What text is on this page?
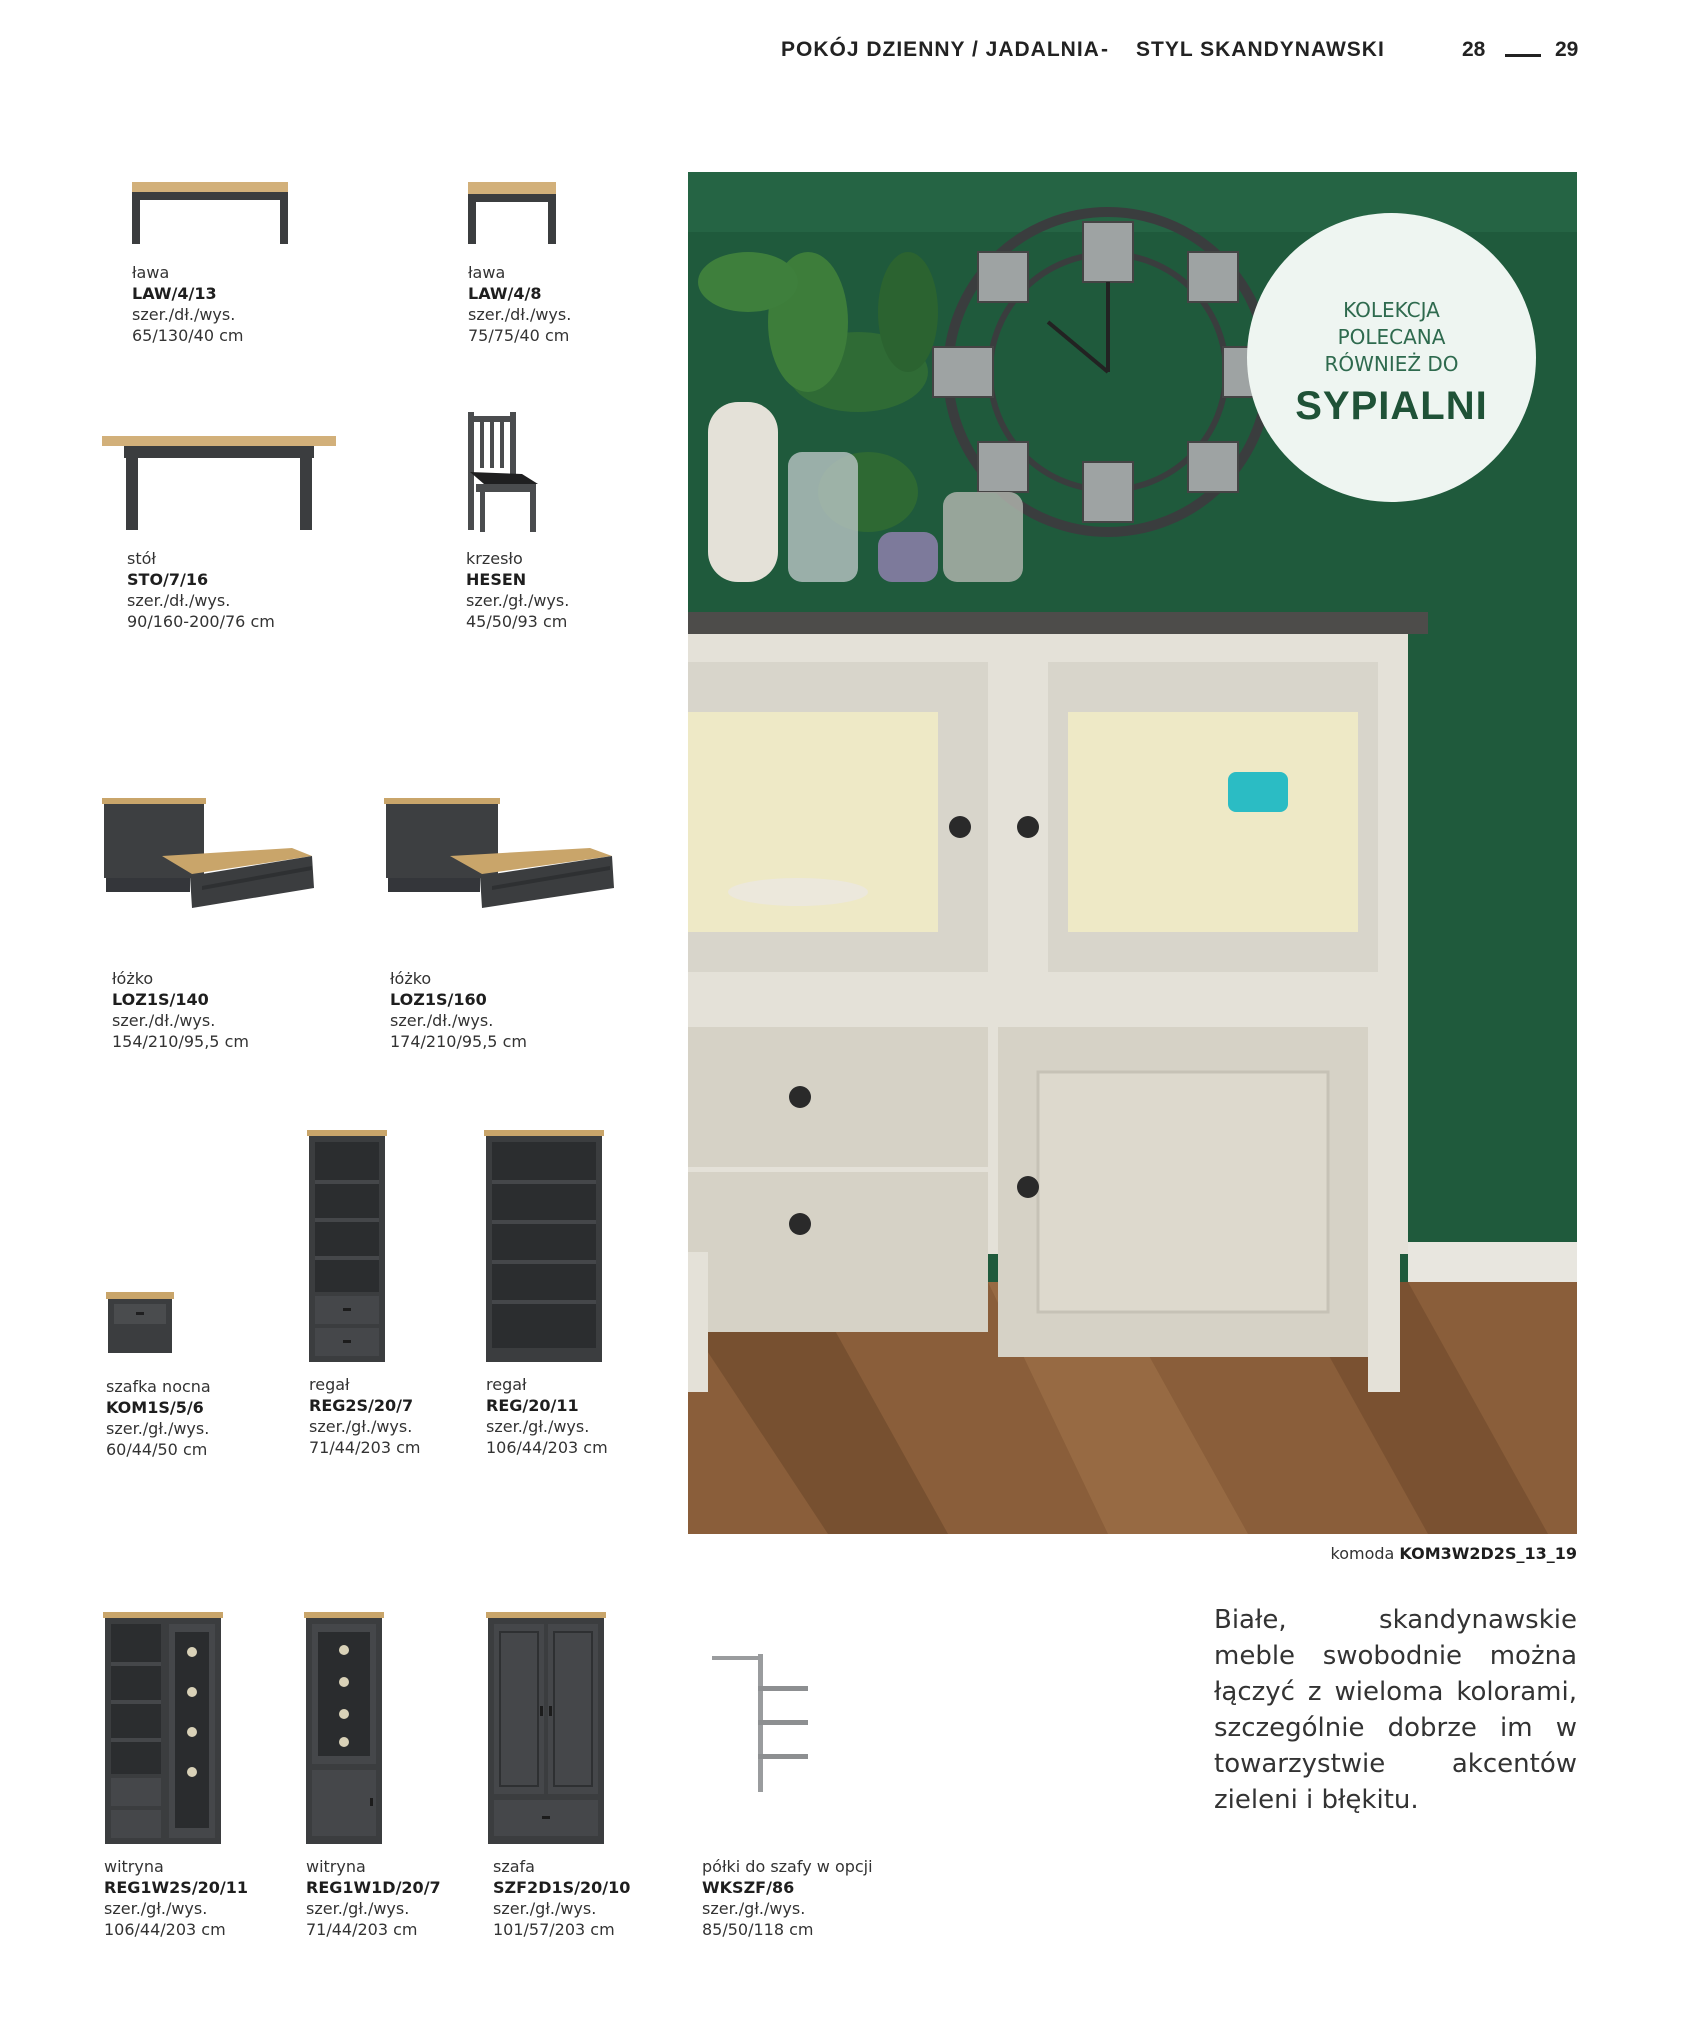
POKÓJ DZIENNY / JADALNIA - STYL SKANDYNAWSKI	28	29
ława
LAW/4/13
szer./dł./wys.
65/130/40 cm
ława
LAW/4/8
szer./dł./wys.
75/75/40 cm
stół
STO/7/16
szer./dł./wys.
90/160-200/76 cm
krzesło
HESEN
szer./gł./wys.
45/50/93 cm
łóżko
LOZ1S/140
szer./dł./wys.
154/210/95,5 cm
łóżko
LOZ1S/160
szer./dł./wys.
174/210/95,5 cm
szafka nocna
KOM1S/5/6
szer./gł./wys.
60/44/50 cm
regał
REG2S/20/7
szer./gł./wys.
71/44/203 cm
regał
REG/20/11
szer./gł./wys.
106/44/203 cm
witryna
REG1W2S/20/11
szer./gł./wys.
106/44/203 cm
witryna
REG1W1D/20/7
szer./gł./wys.
71/44/203 cm
szafa
SZF2D1S/20/10
szer./gł./wys.
101/57/203 cm
półki do szafy w opcji
WKSZF/86
szer./gł./wys.
85/50/118 cm
KOLEKCJA
POLECANA
RÓWNIEŻ DO
SYPIALNI
komoda KOM3W2D2S_13_19
Białe, skandynawskie meble swobodnie można łączyć z wieloma kolorami, szczególnie dobrze im w towarzystwie akcentów zieleni i błękitu.
